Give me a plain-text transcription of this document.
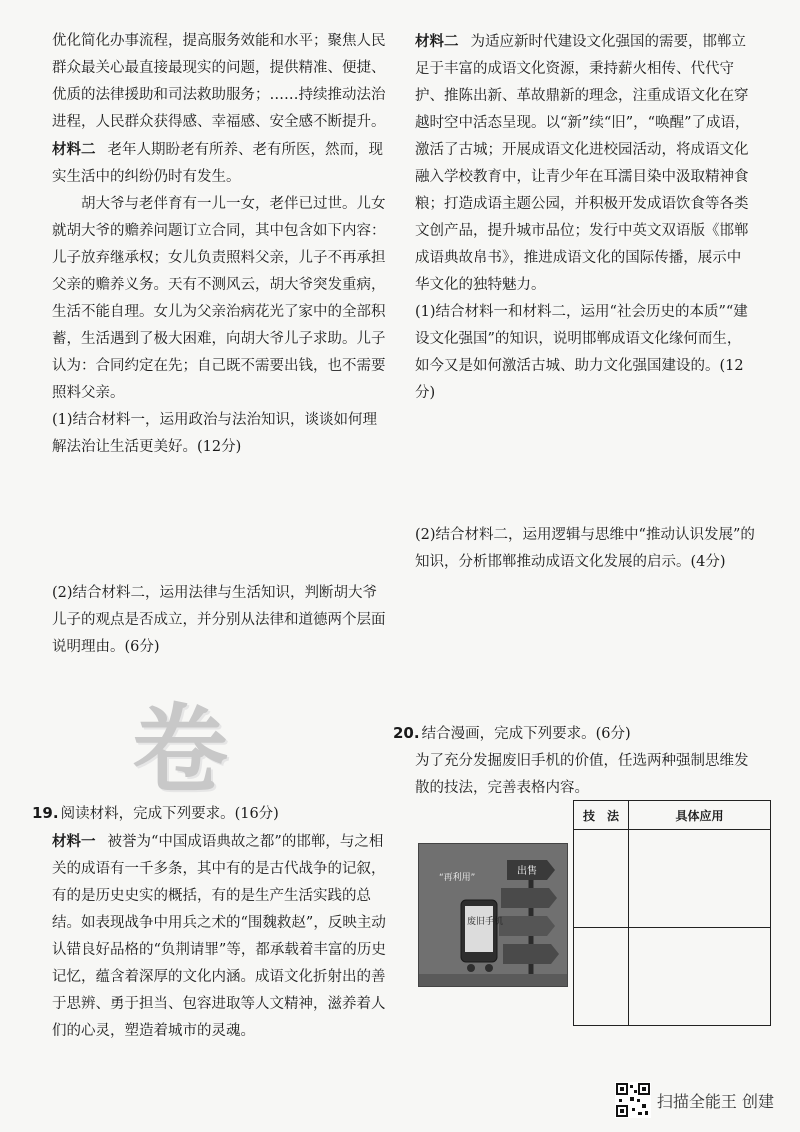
优化简化办事流程，提高服务效能和水平；聚焦人民群众最关心最直接最现实的问题，提供精准、便捷、优质的法律援助和司法救助服务；……持续推动法治进程，人民群众获得感、幸福感、安全感不断提升。

材料二 老年人期盼老有所养、老有所医，然而，现实生活中的纠纷仍时有发生。

胡大爷与老伴育有一儿一女，老伴已过世。儿女就胡大爷的赡养问题订立合同，其中包含如下内容：儿子放弃继承权；女儿负责照料父亲，儿子不再承担父亲的赡养义务。天有不测风云，胡大爷突发重病，生活不能自理。女儿为父亲治病花光了家中的全部积蓄，生活遇到了极大困难，向胡大爷儿子求助。儿子认为：合同约定在先；自己既不需要出钱，也不需要照料父亲。

(1)结合材料一，运用政治与法治知识，谈谈如何理解法治让生活更美好。(12分)

(2)结合材料二，运用法律与生活知识，判断胡大爷儿子的观点是否成立，并分别从法律和道德两个层面说明理由。(6分)

卷

19. 阅读材料，完成下列要求。(16分)

材料一 被誉为“中国成语典故之都”的邯郸，与之相关的成语有一千多条，其中有的是古代战争的记叙，有的是历史史实的概括，有的是生产生活实践的总结。如表现战争中用兵之术的“围魏救赵”，反映主动认错良好品格的“负荆请罪”等，都承载着丰富的历史记忆，蕴含着深厚的文化内涵。成语文化折射出的善于思辨、勇于担当、包容进取等人文精神，滋养着人们的心灵，塑造着城市的灵魂。

材料二 为适应新时代建设文化强国的需要，邯郸立足于丰富的成语文化资源，秉持薪火相传、代代守护、推陈出新、革故鼎新的理念，注重成语文化在穿越时空中活态呈现。以“新”续“旧”，“唤醒”了成语，激活了古城；开展成语文化进校园活动，将成语文化融入学校教育中，让青少年在耳濡目染中汲取精神食粮；打造成语主题公园，并积极开发成语饮食等各类文创产品，提升城市品位；发行中英文双语版《邯郸成语典故帛书》，推进成语文化的国际传播，展示中华文化的独特魅力。

(1)结合材料一和材料二，运用“社会历史的本质”“建设文化强国”的知识，说明邯郸成语文化缘何而生，如今又是如何激活古城、助力文化强国建设的。(12分)

(2)结合材料二，运用逻辑与思维中“推动认识发展”的知识，分析邯郸推动成语文化发展的启示。(4分)

20. 结合漫画，完成下列要求。(6分)

为了充分发掘废旧手机的价值，任选两种强制思维发散的技法，完善表格内容。

出售
“再利用”
废旧手机
技　法	具体应用

扫描全能王 创建
